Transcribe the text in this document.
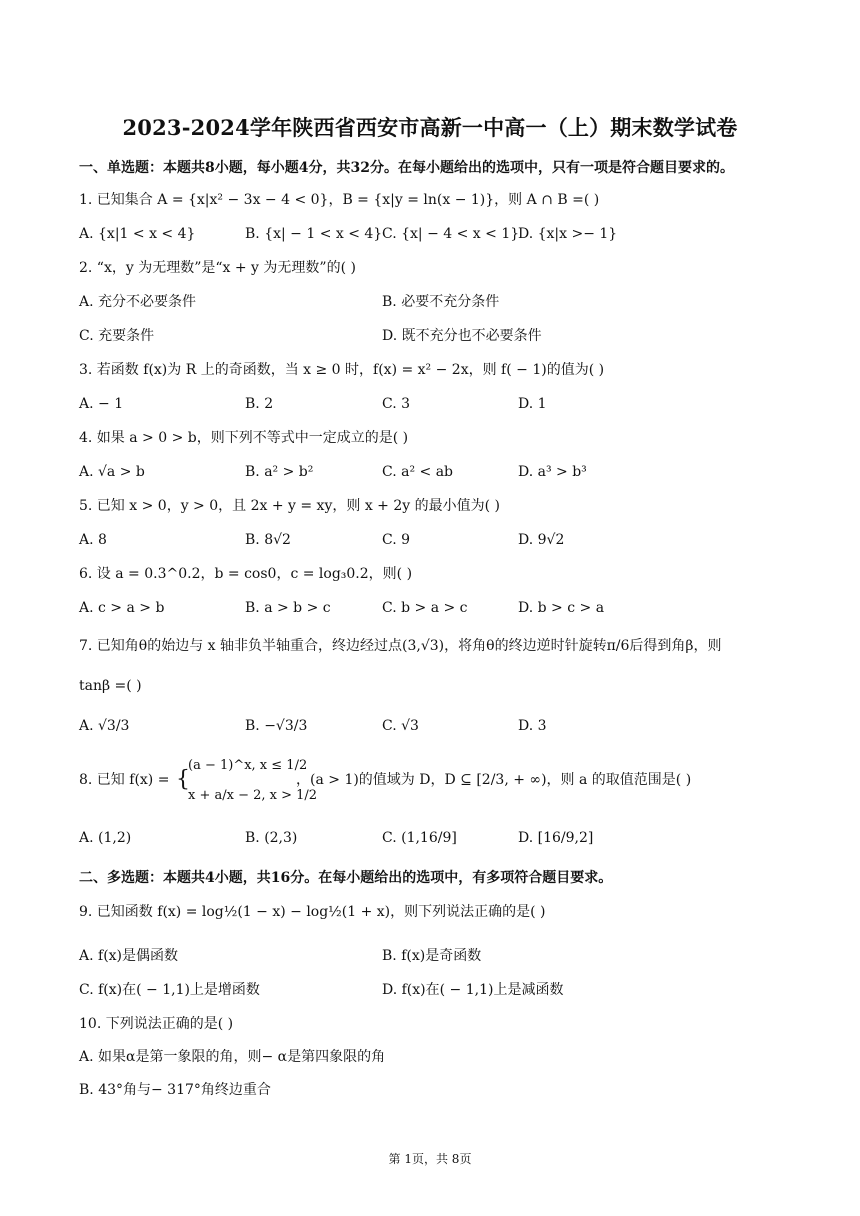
2023-2024学年陕西省西安市高新一中高一（上）期末数学试卷
一、单选题：本题共8小题，每小题4分，共32分。在每小题给出的选项中，只有一项是符合题目要求的。
1. 已知集合 A = {x|x² − 3x − 4 < 0}，B = {x|y = ln(x − 1)}，则 A ∩ B =( )
A. {x|1 < x < 4}	B. {x| − 1 < x < 4} C. {x| − 4 < x < 1}
D. {x|x >− 1}
2. “x，y 为无理数”是“x + y 为无理数”的( )
A. 充分不必要条件	B. 必要不充分条件
C. 充要条件	D. 既不充分也不必要条件
3. 若函数 f(x)为 R 上的奇函数，当 x ≥ 0 时，f(x) = x² − 2x，则 f( − 1)的值为( )
A. − 1	B. 2	C. 3	D. 1
4. 如果 a > 0 > b，则下列不等式中一定成立的是( )
A. √a > b	B. a² > b²	C. a² < ab	D. a³ > b³
5. 已知 x > 0，y > 0，且 2x + y = xy，则 x + 2y 的最小值为( )
A. 8	B. 8√2	C. 9	D. 9√2
6. 设 a = 0.3^0.2，b = cos0，c = log₃0.2，则( )
A. c > a > b	B. a > b > c	C. b > a > c	D. b > c > a
7. 已知角θ的始边与 x 轴非负半轴重合，终边经过点(3,√3)，将角θ的终边逆时针旋转π/6后得到角β，则
tanβ =( )
A. √3/3	B. −√3/3	C. √3	D. 3
8. 已知 f(x) = {
(a − 1)^x, x ≤ 1/2
x + a/x − 2, x > 1/2
，(a > 1)的值域为 D，D ⊆ [2/3, + ∞)，则 a 的取值范围是( )
A. (1,2)	B. (2,3)	C. (1,16/9]	D. [16/9,2]
二、多选题：本题共4小题，共16分。在每小题给出的选项中，有多项符合题目要求。
9. 已知函数 f(x) = log½(1 − x) − log½(1 + x)，则下列说法正确的是( )
A. f(x)是偶函数	B. f(x)是奇函数
C. f(x)在( − 1,1)上是增函数	D. f(x)在( − 1,1)上是减函数
10. 下列说法正确的是( )
A. 如果α是第一象限的角，则− α是第四象限的角
B. 43°角与− 317°角终边重合
第 1页，共 8页
